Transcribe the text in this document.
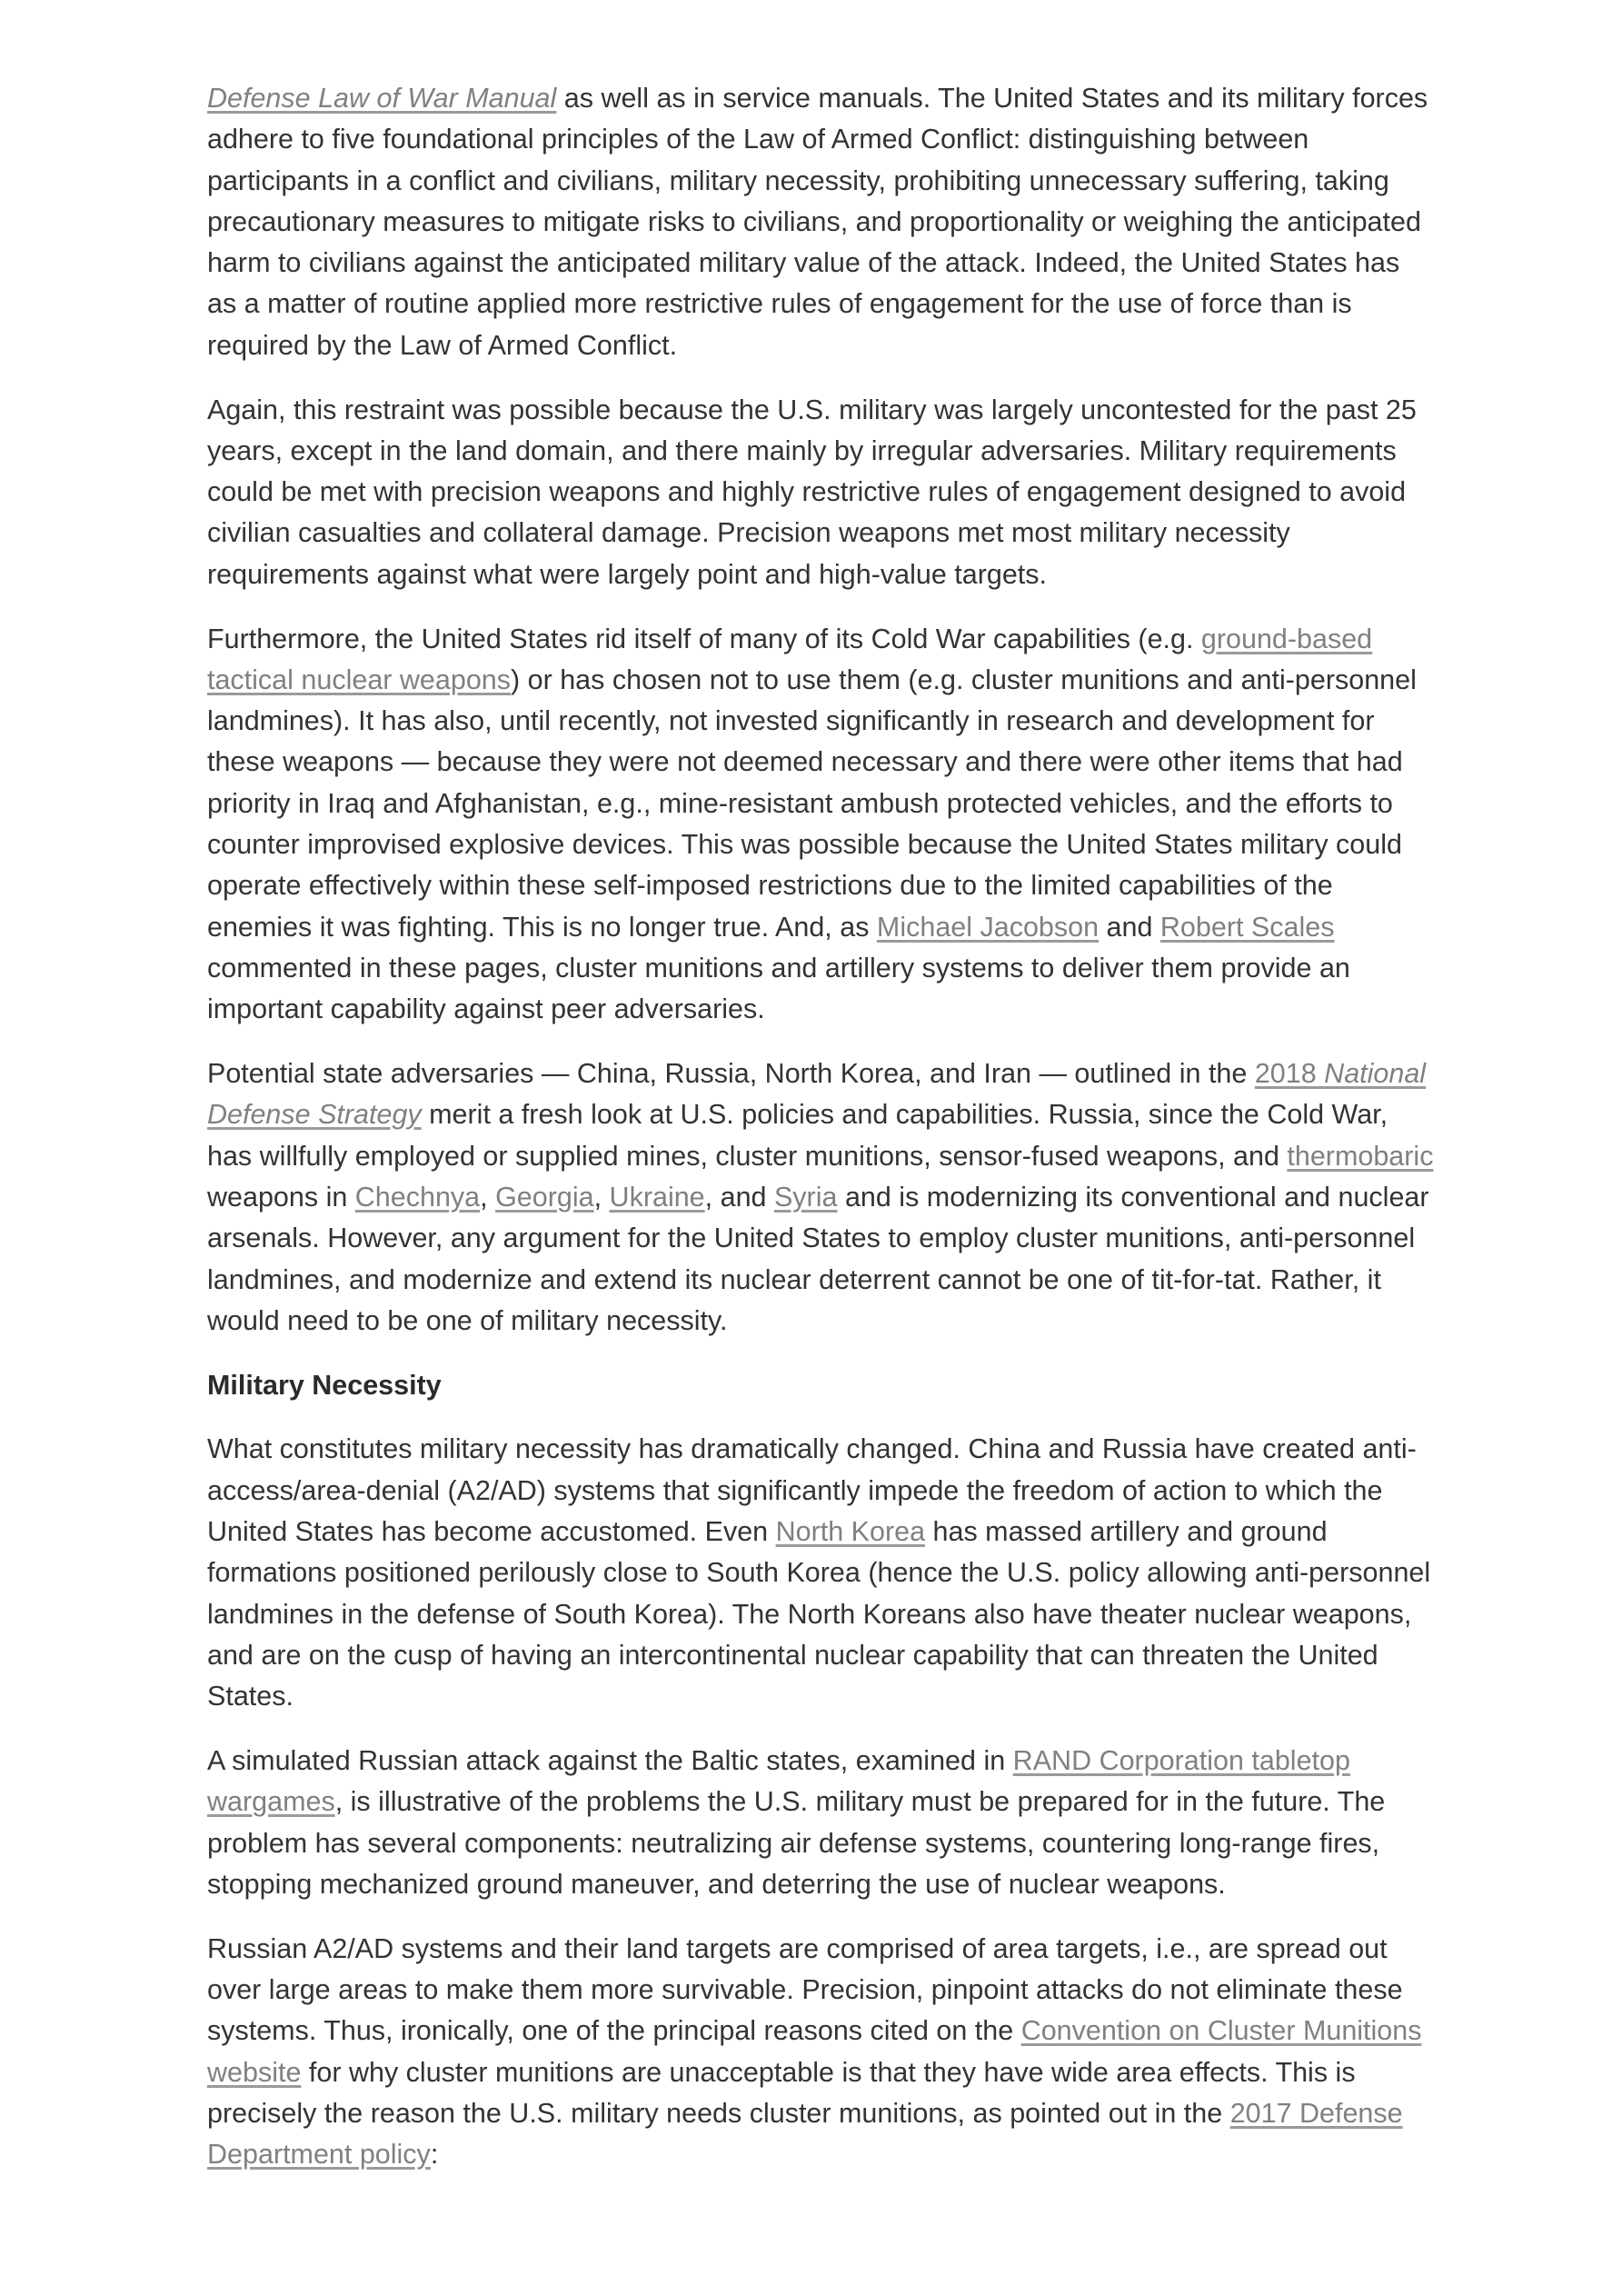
Defense Law of War Manual as well as in service manuals. The United States and its military forces adhere to five foundational principles of the Law of Armed Conflict: distinguishing between participants in a conflict and civilians, military necessity, prohibiting unnecessary suffering, taking precautionary measures to mitigate risks to civilians, and proportionality or weighing the anticipated harm to civilians against the anticipated military value of the attack. Indeed, the United States has as a matter of routine applied more restrictive rules of engagement for the use of force than is required by the Law of Armed Conflict.

Again, this restraint was possible because the U.S. military was largely uncontested for the past 25 years, except in the land domain, and there mainly by irregular adversaries. Military requirements could be met with precision weapons and highly restrictive rules of engagement designed to avoid civilian casualties and collateral damage. Precision weapons met most military necessity requirements against what were largely point and high-value targets.

Furthermore, the United States rid itself of many of its Cold War capabilities (e.g. ground-based tactical nuclear weapons) or has chosen not to use them (e.g. cluster munitions and anti-personnel landmines). It has also, until recently, not invested significantly in research and development for these weapons — because they were not deemed necessary and there were other items that had priority in Iraq and Afghanistan, e.g., mine-resistant ambush protected vehicles, and the efforts to counter improvised explosive devices. This was possible because the United States military could operate effectively within these self-imposed restrictions due to the limited capabilities of the enemies it was fighting. This is no longer true. And, as Michael Jacobson and Robert Scales commented in these pages, cluster munitions and artillery systems to deliver them provide an important capability against peer adversaries.

Potential state adversaries — China, Russia, North Korea, and Iran — outlined in the 2018 National Defense Strategy merit a fresh look at U.S. policies and capabilities. Russia, since the Cold War, has willfully employed or supplied mines, cluster munitions, sensor-fused weapons, and thermobaric weapons in Chechnya, Georgia, Ukraine, and Syria and is modernizing its conventional and nuclear arsenals. However, any argument for the United States to employ cluster munitions, anti-personnel landmines, and modernize and extend its nuclear deterrent cannot be one of tit-for-tat. Rather, it would need to be one of military necessity.

Military Necessity

What constitutes military necessity has dramatically changed. China and Russia have created anti-access/area-denial (A2/AD) systems that significantly impede the freedom of action to which the United States has become accustomed. Even North Korea has massed artillery and ground formations positioned perilously close to South Korea (hence the U.S. policy allowing anti-personnel landmines in the defense of South Korea). The North Koreans also have theater nuclear weapons, and are on the cusp of having an intercontinental nuclear capability that can threaten the United States.

A simulated Russian attack against the Baltic states, examined in RAND Corporation tabletop wargames, is illustrative of the problems the U.S. military must be prepared for in the future. The problem has several components: neutralizing air defense systems, countering long-range fires, stopping mechanized ground maneuver, and deterring the use of nuclear weapons.

Russian A2/AD systems and their land targets are comprised of area targets, i.e., are spread out over large areas to make them more survivable. Precision, pinpoint attacks do not eliminate these systems. Thus, ironically, one of the principal reasons cited on the Convention on Cluster Munitions website for why cluster munitions are unacceptable is that they have wide area effects. This is precisely the reason the U.S. military needs cluster munitions, as pointed out in the 2017 Defense Department policy:
